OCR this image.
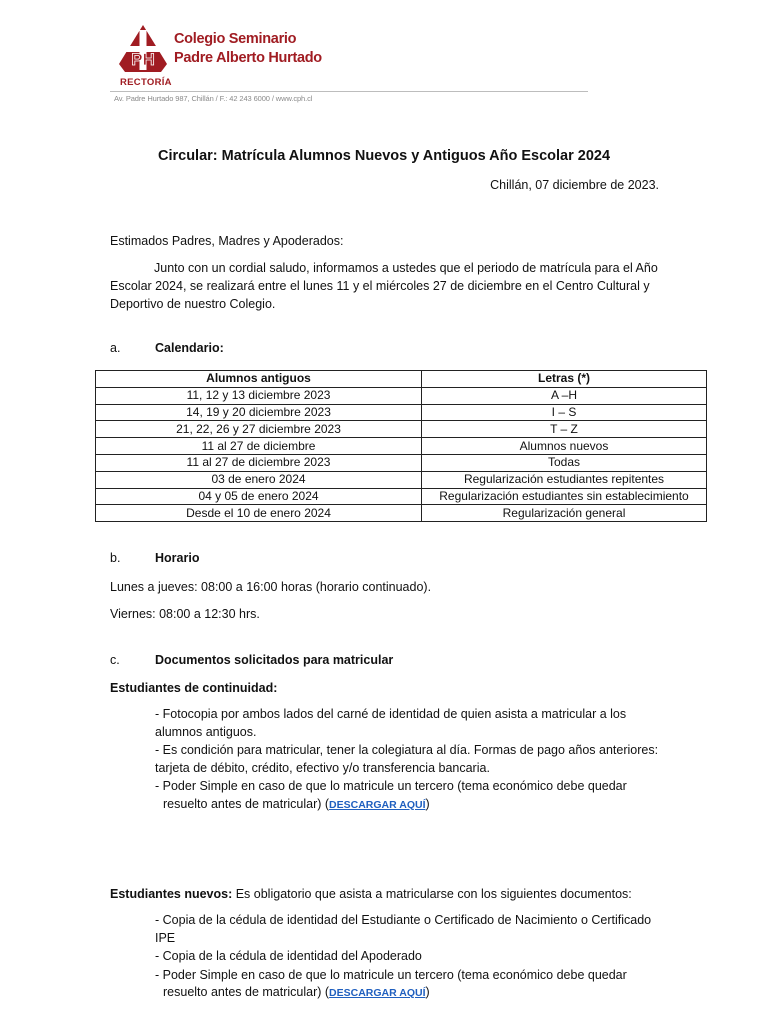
PH
Colegio Seminario
Padre Alberto Hurtado
RECTORÍA
Av. Padre Hurtado 987, Chillán / F.: 42 243 6000 / www.cph.cl
Circular: Matrícula Alumnos Nuevos y Antiguos Año Escolar 2024
Chillán, 07 diciembre de 2023.
Estimados Padres, Madres y Apoderados:
Junto con un cordial saludo, informamos a ustedes que el periodo de matrícula para el Año Escolar 2024, se realizará entre el lunes 11 y el miércoles 27 de diciembre en el Centro Cultural y Deportivo de nuestro Colegio.
a.	Calendario:
Alumnos antiguos	Letras (*)
11, 12 y 13 diciembre 2023	A –H
14, 19 y 20 diciembre 2023	I – S
21, 22, 26 y 27 diciembre 2023	T – Z
11 al 27 de diciembre	Alumnos nuevos
11 al 27 de diciembre 2023	Todas
03 de enero 2024	Regularización estudiantes repitentes
04 y 05 de enero 2024	Regularización estudiantes sin establecimiento
Desde el 10 de enero 2024	Regularización general
b.	Horario
Lunes a jueves: 08:00 a 16:00 horas (horario continuado).
Viernes: 08:00 a 12:30 hrs.
c.	Documentos solicitados para matricular
Estudiantes de continuidad:
- Fotocopia por ambos lados del carné de identidad de quien asista a matricular a los alumnos antiguos.
- Es condición para matricular, tener la colegiatura al día. Formas de pago años anteriores: tarjeta de débito, crédito, efectivo y/o transferencia bancaria.
- Poder Simple en caso de que lo matricule un tercero (tema económico debe quedar
resuelto antes de matricular) (DESCARGAR AQUÍ)
Estudiantes nuevos: Es obligatorio que asista a matricularse con los siguientes documentos:
- Copia de la cédula de identidad del Estudiante o Certificado de Nacimiento o Certificado IPE
- Copia de la cédula de identidad del Apoderado
- Poder Simple en caso de que lo matricule un tercero (tema económico debe quedar
resuelto antes de matricular) (DESCARGAR AQUÍ)
